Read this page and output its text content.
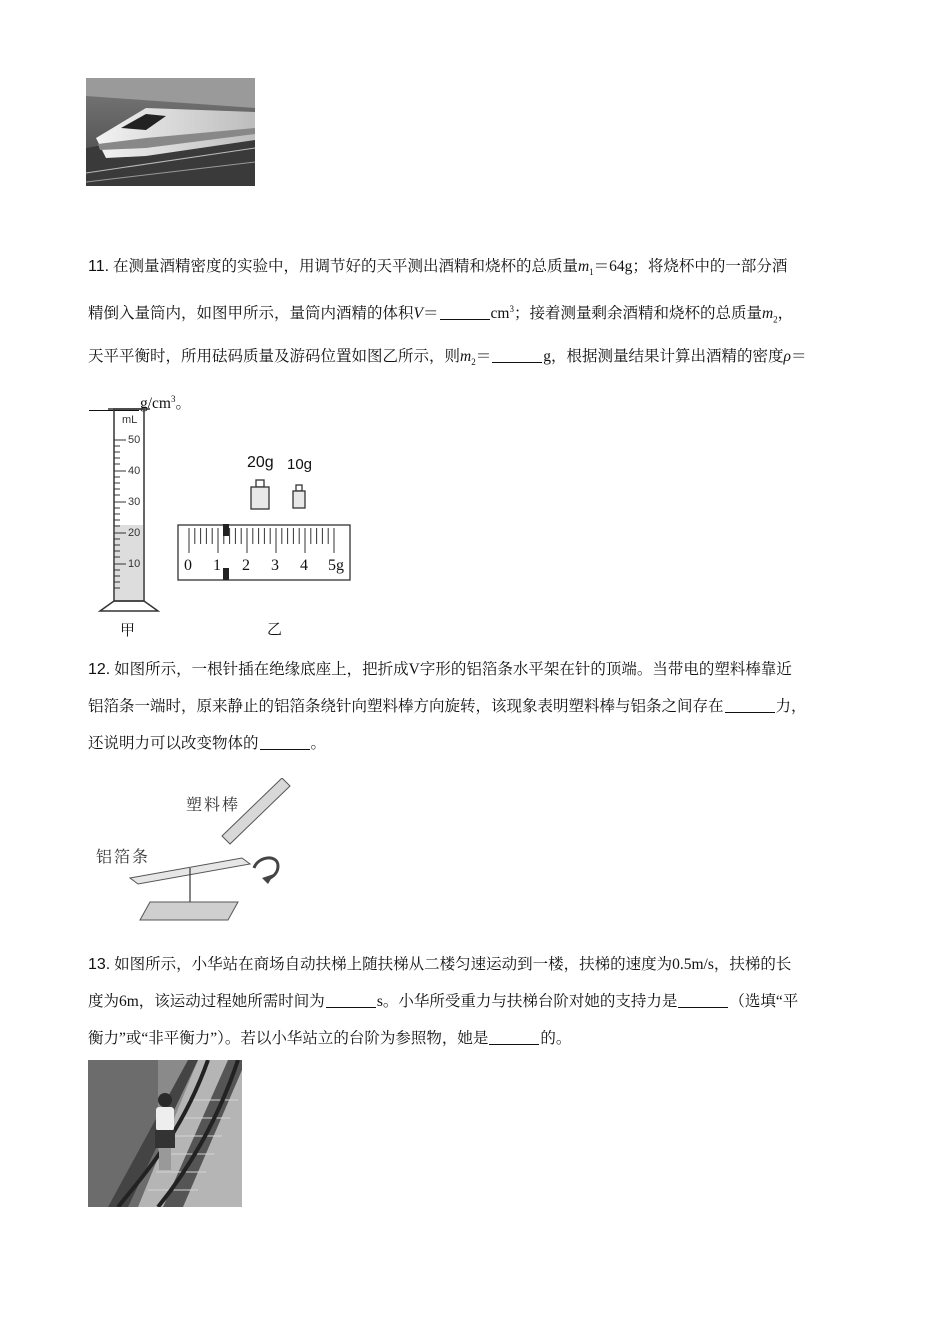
11. 在测量酒精密度的实验中，用调节好的天平测出酒精和烧杯的总质量$m_1=64g$；将烧杯中的一部分酒
精倒入量筒内，如图甲所示，量筒内酒精的体积V＝	$cm^3$；接着测量剩余酒精和烧杯的总质量$m_2$，
天平平衡时，所用砝码质量及游码位置如图乙所示，则$m_2=$	g，根据测量结果计算出酒精的密度ρ＝
$g/cm^3$。
mL
50
40
30
20
10
甲
20g 10g
0 1 2 3 4 5g
乙
12. 如图所示，一根针插在绝缘底座上，把折成V字形的铝箔条水平架在针的顶端。当带电的塑料棒靠近
铝箔条一端时，原来静止的铝箔条绕针向塑料棒方向旋转，该现象表明塑料棒与铝条之间存在	力，
还说明力可以改变物体的	。
塑料棒
铝箔条
13. 如图所示，小华站在商场自动扶梯上随扶梯从二楼匀速运动到一楼，扶梯的速度为0.5m/s，扶梯的长
度为6m，该运动过程她所需时间为	s。小华所受重力与扶梯台阶对她的支持力是	（选填“平
衡力”或“非平衡力”）。若以小华站立的台阶为参照物，她是	的。
